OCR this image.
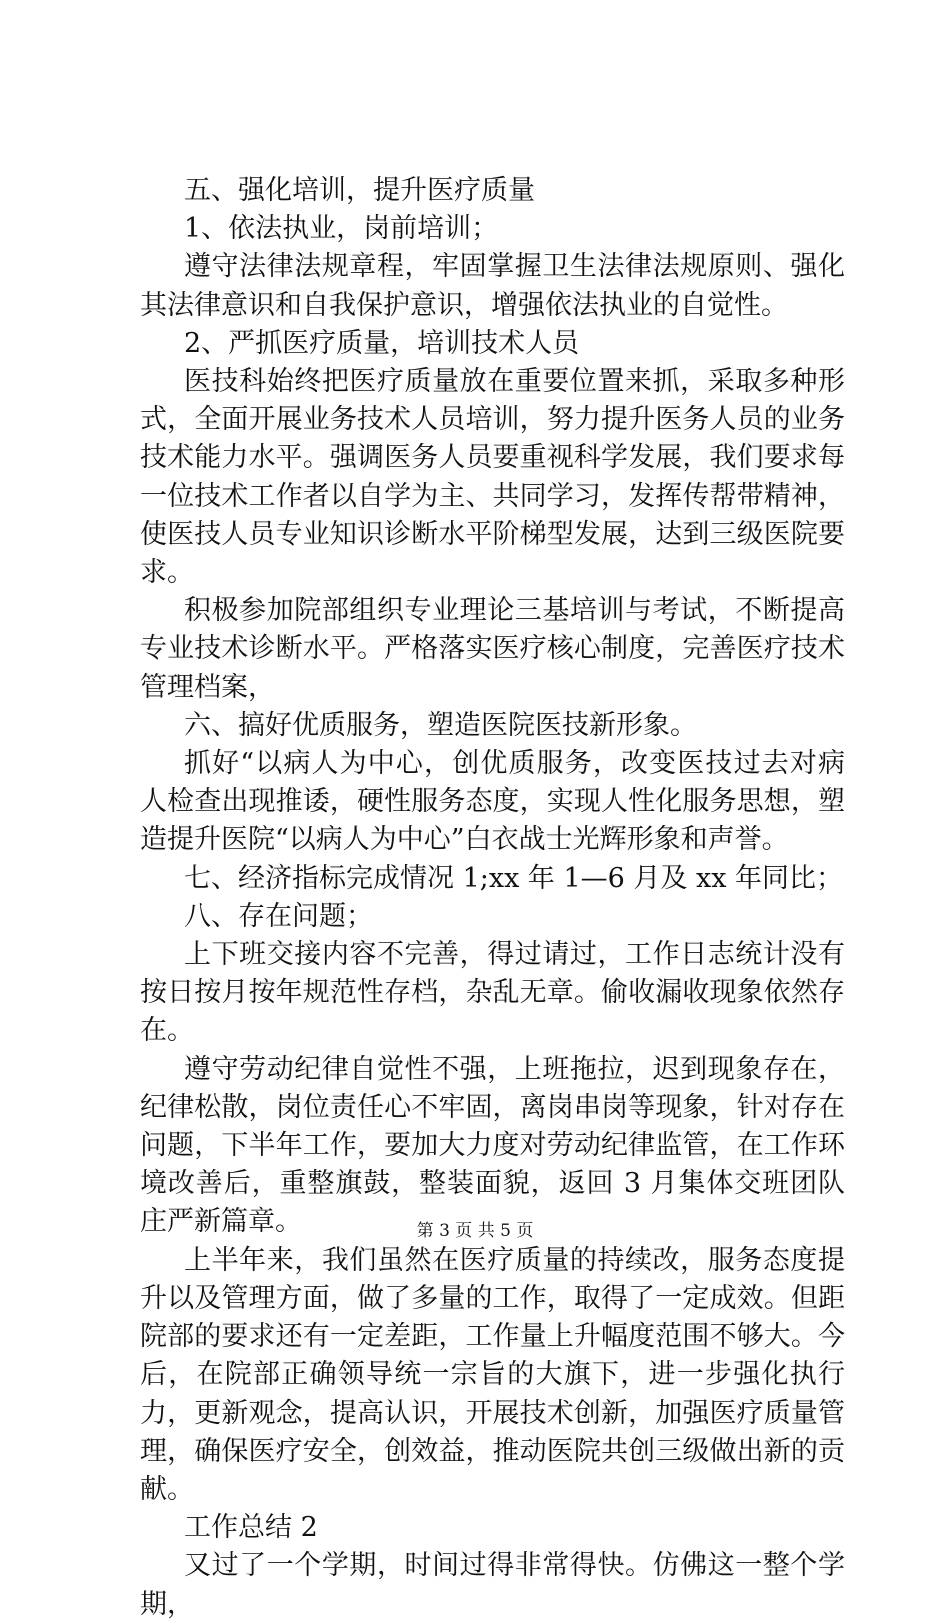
五、强化培训，提升医疗质量

1、依法执业，岗前培训；

遵守法律法规章程，牢固掌握卫生法律法规原则、强化其法律意识和自我保护意识，增强依法执业的自觉性。

2、严抓医疗质量，培训技术人员

医技科始终把医疗质量放在重要位置来抓，采取多种形式，全面开展业务技术人员培训，努力提升医务人员的业务技术能力水平。强调医务人员要重视科学发展，我们要求每一位技术工作者以自学为主、共同学习，发挥传帮带精神，使医技人员专业知识诊断水平阶梯型发展，达到三级医院要求。

积极参加院部组织专业理论三基培训与考试，不断提高专业技术诊断水平。严格落实医疗核心制度，完善医疗技术管理档案，

六、搞好优质服务，塑造医院医技新形象。

抓好“以病人为中心，创优质服务，改变医技过去对病人检查出现推诿，硬性服务态度，实现人性化服务思想，塑造提升医院“以病人为中心”白衣战士光辉形象和声誉。

七、经济指标完成情况 1;xx 年 1—6 月及 xx 年同比；

八、存在问题；

上下班交接内容不完善，得过请过，工作日志统计没有按日按月按年规范性存档，杂乱无章。偷收漏收现象依然存在。

遵守劳动纪律自觉性不强，上班拖拉，迟到现象存在，纪律松散，岗位责任心不牢固，离岗串岗等现象，针对存在问题，下半年工作，要加大力度对劳动纪律监管，在工作环境改善后，重整旗鼓，整装面貌，返回 3 月集体交班团队庄严新篇章。

上半年来，我们虽然在医疗质量的持续改，服务态度提升以及管理方面，做了多量的工作，取得了一定成效。但距院部的要求还有一定差距，工作量上升幅度范围不够大。今后，在院部正确领导统一宗旨的大旗下，进一步强化执行力，更新观念，提高认识，开展技术创新，加强医疗质量管理，确保医疗安全，创效益，推动医院共创三级做出新的贡献。

工作总结 2

又过了一个学期，时间过得非常得快。仿佛这一整个学期，

第 3 页 共 5 页
